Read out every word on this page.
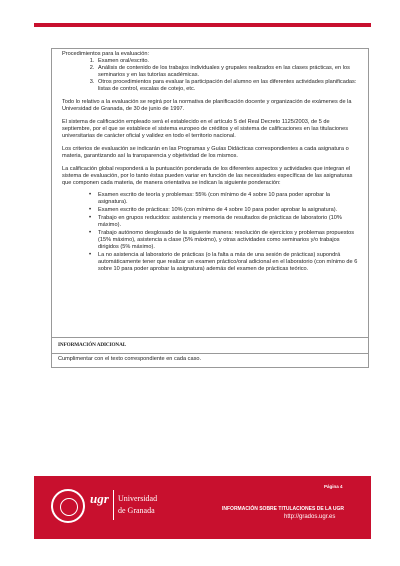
Procedimientos para la evaluación:

1. Examen oral/escrito.
2. Análisis de contenido de los trabajos individuales y grupales realizados en las clases prácticas, en los seminarios y en las tutorías académicas.
3. Otros procedimientos para evaluar la participación del alumno en las diferentes actividades planificadas: listas de control, escalas de cotejo, etc.

Todo lo relativo a la evaluación se regirá por la normativa de planificación docente y organización de exámenes de la Universidad de Granada, de 30 de junio de 1997.

El sistema de calificación empleado será el establecido en el artículo 5 del Real Decreto 1125/2003, de 5 de septiembre, por el que se establece el sistema europeo de créditos y el sistema de calificaciones en las titulaciones universitarias de carácter oficial y validez en todo el territorio nacional.

Los criterios de evaluación se indicarán en las Programas y Guías Didácticas correspondientes a cada asignatura o materia, garantizando así la transparencia y objetividad de los mismos.

La calificación global responderá a la puntuación ponderada de los diferentes aspectos y actividades que integran el sistema de evaluación, por lo tanto éstas pueden variar en función de las necesidades específicas de las asignaturas que componen cada materia, de manera orientativa se indican la siguiente ponderación:

• Examen escrito de teoría y problemas: 55% (con mínimo de 4 sobre 10 para poder aprobar la asignatura).
• Examen escrito de prácticas: 10% (con mínimo de 4 sobre 10 para poder aprobar la asignatura).
• Trabajo en grupos reducidos: asistencia y memoria de resultados de prácticas de laboratorio (10% máximo).
• Trabajo autónomo desglosado de la siguiente manera: resolución de ejercicios y problemas propuestos (15% máximo), asistencia a clase (5% máximo), y otras actividades como seminarios y/o trabajos dirigidos (5% máximo).
• La no asistencia al laboratorio de prácticas (o la falta a más de una sesión de prácticas) supondrá automáticamente tener que realizar un examen práctico/oral adicional en el laboratorio (con mínimo de 6 sobre 10 para poder aprobar la asignatura) además del examen de prácticas teórico.
INFORMACIÓN ADICIONAL

Cumplimentar con el texto correspondiente en cada caso.

ugr Universidad
de Granada
Página 4
INFORMACIÓN SOBRE TITULACIONES DE LA UGR
http://grados.ugr.es
